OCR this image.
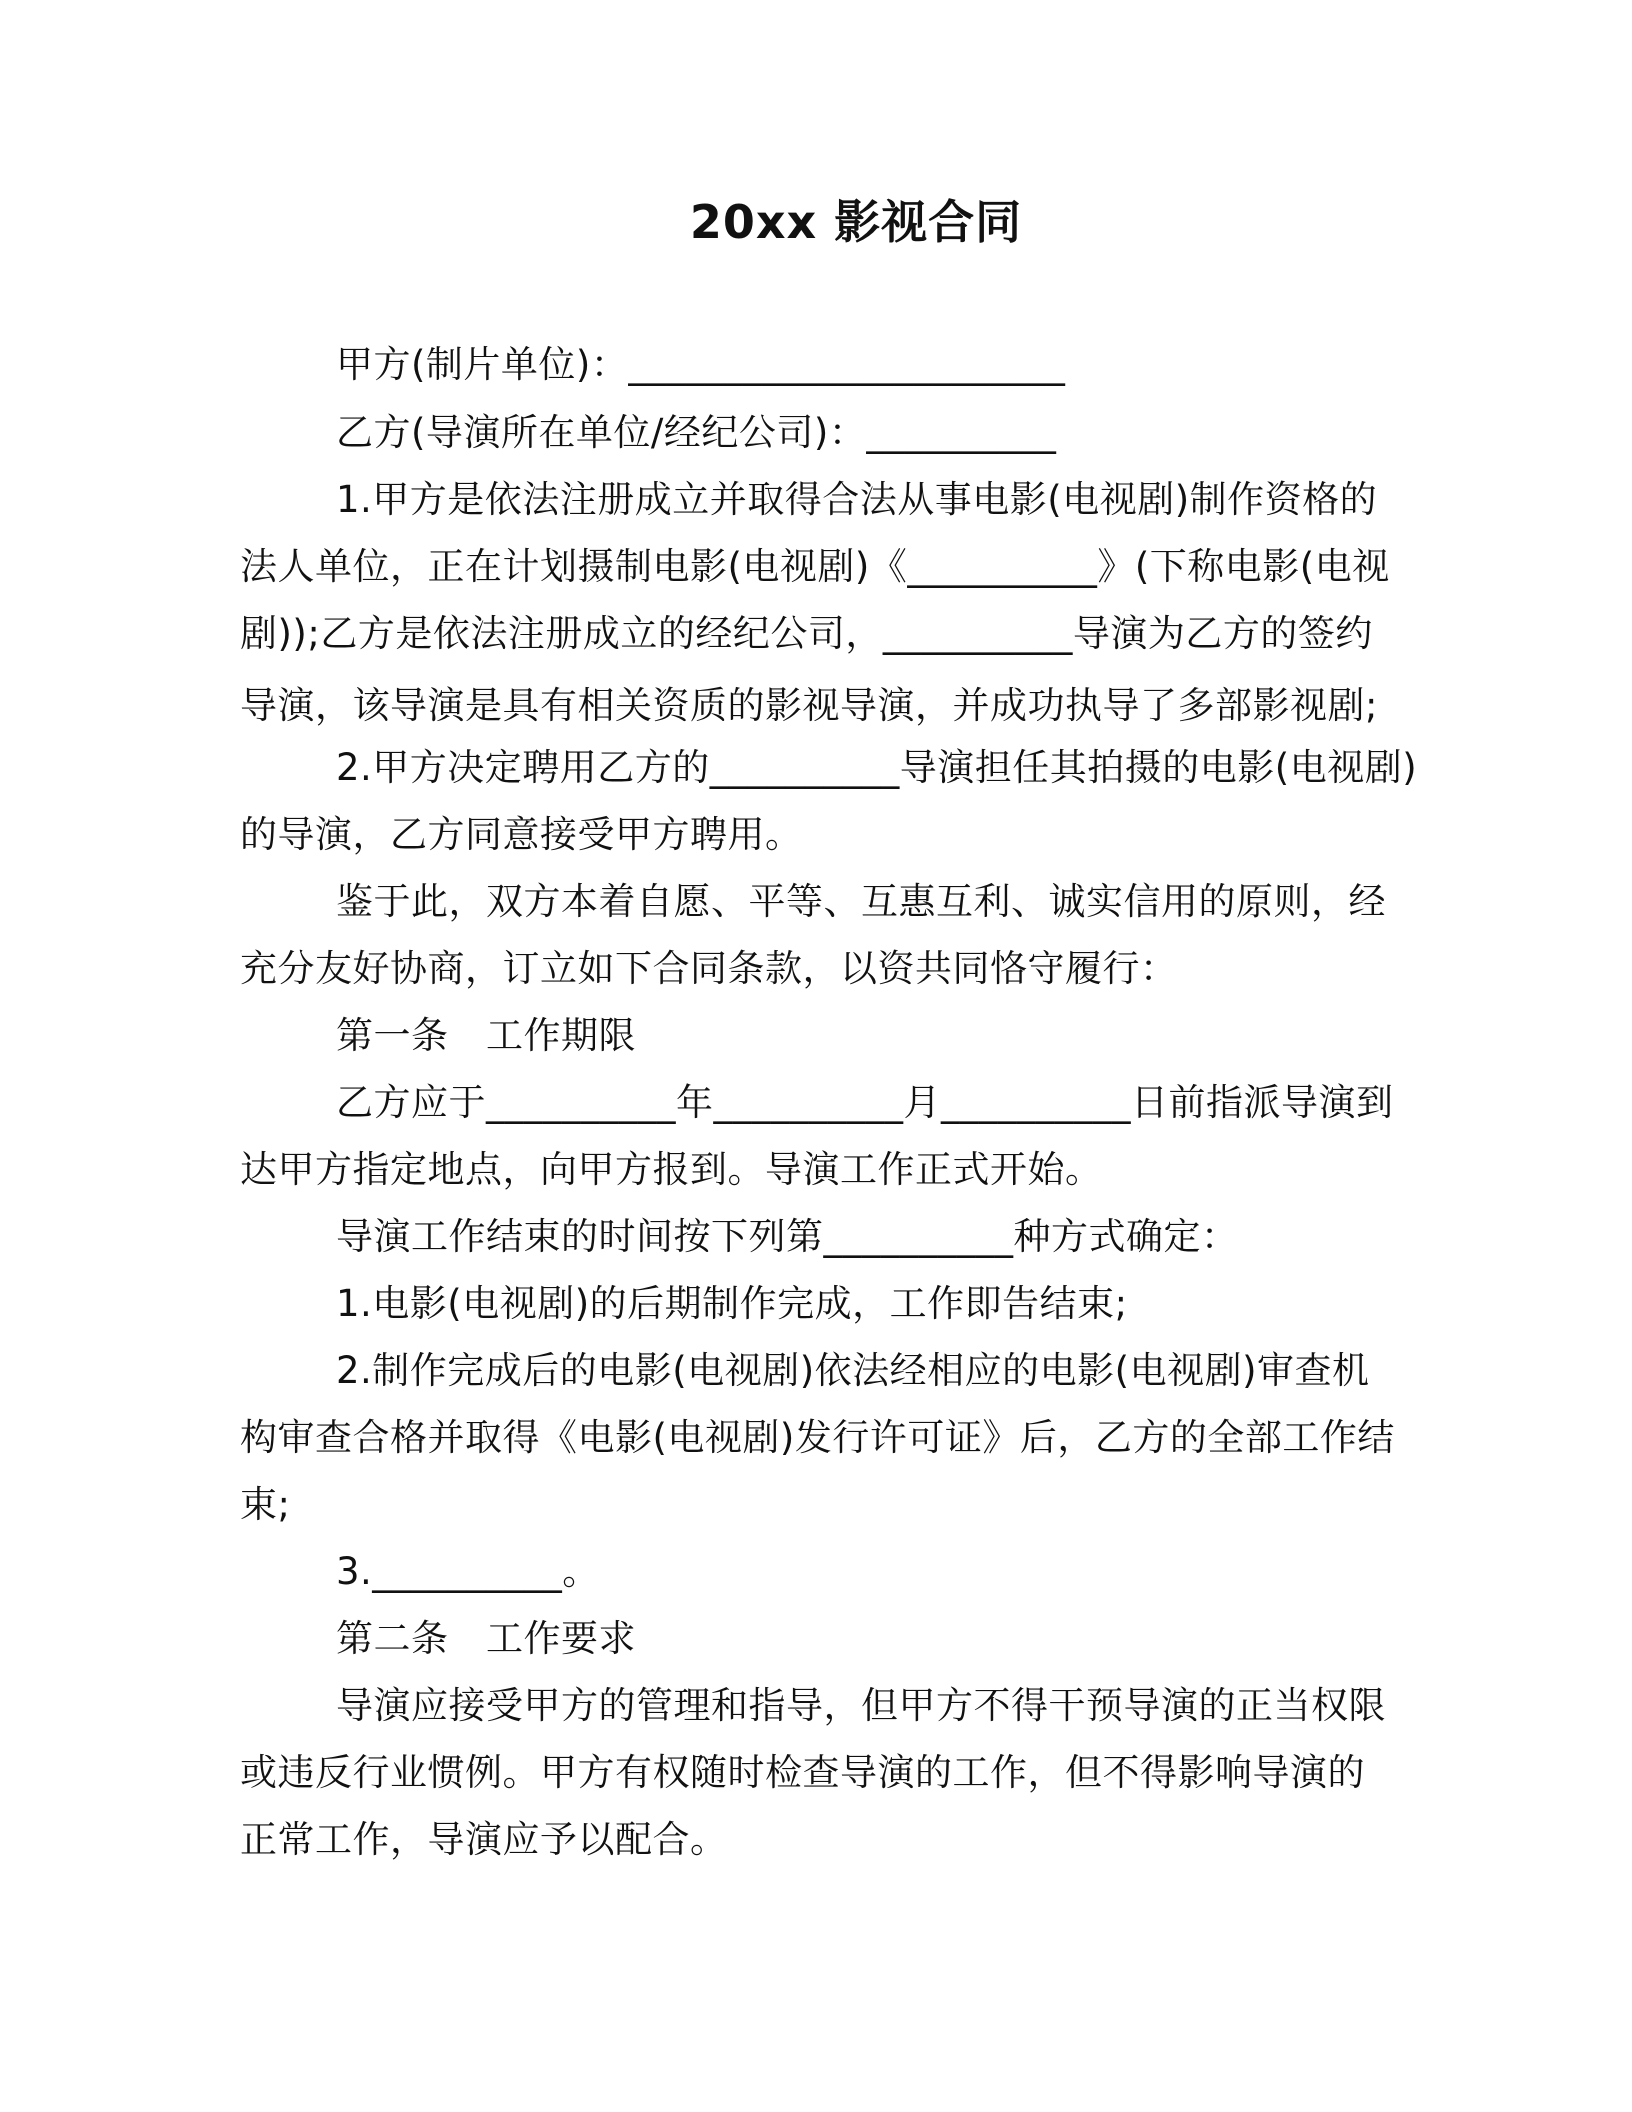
20xx 影视合同
甲方(制片单位)：_______________________
乙方(导演所在单位/经纪公司)：__________
1.甲方是依法注册成立并取得合法从事电影(电视剧)制作资格的
法人单位，正在计划摄制电影(电视剧)《__________》(下称电影(电视
剧));乙方是依法注册成立的经纪公司，__________导演为乙方的签约
导演，该导演是具有相关资质的影视导演，并成功执导了多部影视剧;
2.甲方决定聘用乙方的__________导演担任其拍摄的电影(电视剧)
的导演，乙方同意接受甲方聘用。
鉴于此，双方本着自愿、平等、互惠互利、诚实信用的原则，经
充分友好协商，订立如下合同条款，以资共同恪守履行：
第一条　工作期限
乙方应于__________年__________月__________日前指派导演到
达甲方指定地点，向甲方报到。导演工作正式开始。
导演工作结束的时间按下列第__________种方式确定：
1.电影(电视剧)的后期制作完成，工作即告结束;
2.制作完成后的电影(电视剧)依法经相应的电影(电视剧)审查机
构审查合格并取得《电影(电视剧)发行许可证》后，乙方的全部工作结
束;
3.__________。
第二条　工作要求
导演应接受甲方的管理和指导，但甲方不得干预导演的正当权限
或违反行业惯例。甲方有权随时检查导演的工作，但不得影响导演的
正常工作，导演应予以配合。
